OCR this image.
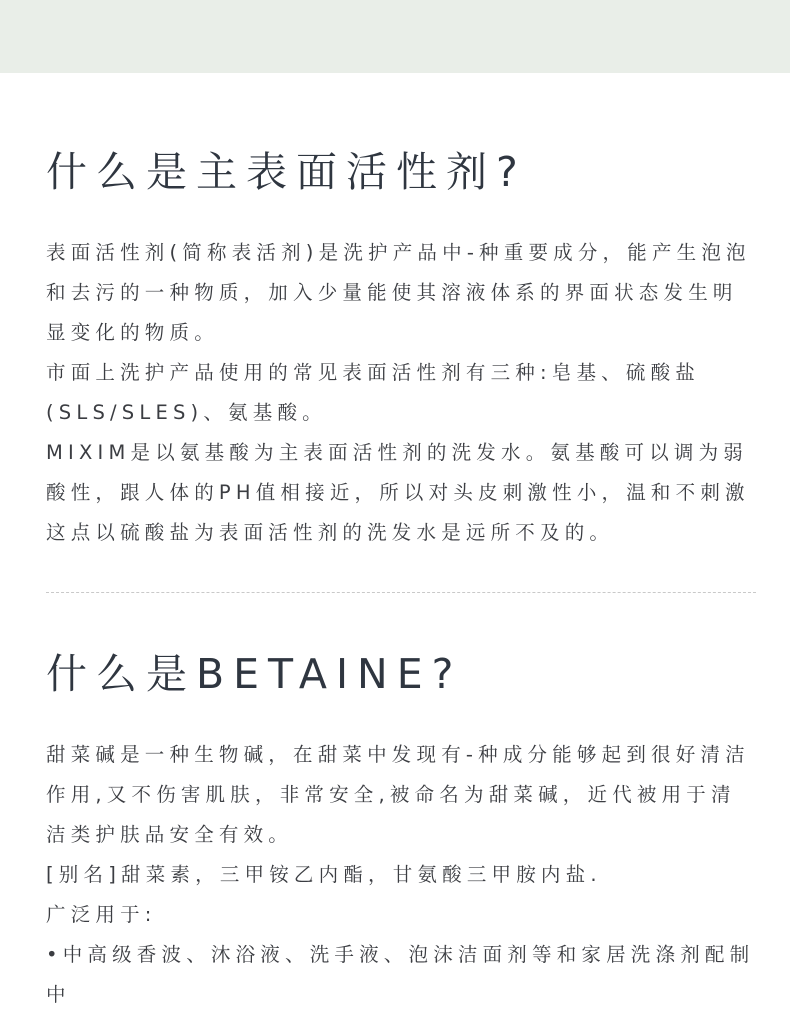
什么是主表面活性剂?

表面活性剂(简称表活剂)是洗护产品中-种重要成分，能产生泡泡和去污的一种物质，加入少量能使其溶液体系的界面状态发生明显变化的物质。

市面上洗护产品使用的常见表面活性剂有三种:皂基、硫酸盐(SLS/SLES)、氨基酸。

MIXIM是以氨基酸为主表面活性剂的洗发水。氨基酸可以调为弱酸性，跟人体的PH值相接近，所以对头皮刺激性小，温和不刺激这点以硫酸盐为表面活性剂的洗发水是远所不及的。

什么是BETAINE?

甜菜碱是一种生物碱，在甜菜中发现有-种成分能够起到很好清洁作用,又不伤害肌肤，非常安全,被命名为甜菜碱，近代被用于清洁类护肤品安全有效。

[别名]甜菜素，三甲铵乙内酯，甘氨酸三甲胺内盐.

广泛用于:

•中高级香波、沐浴液、洗手液、泡沫洁面剂等和家居洗涤剂配制中
